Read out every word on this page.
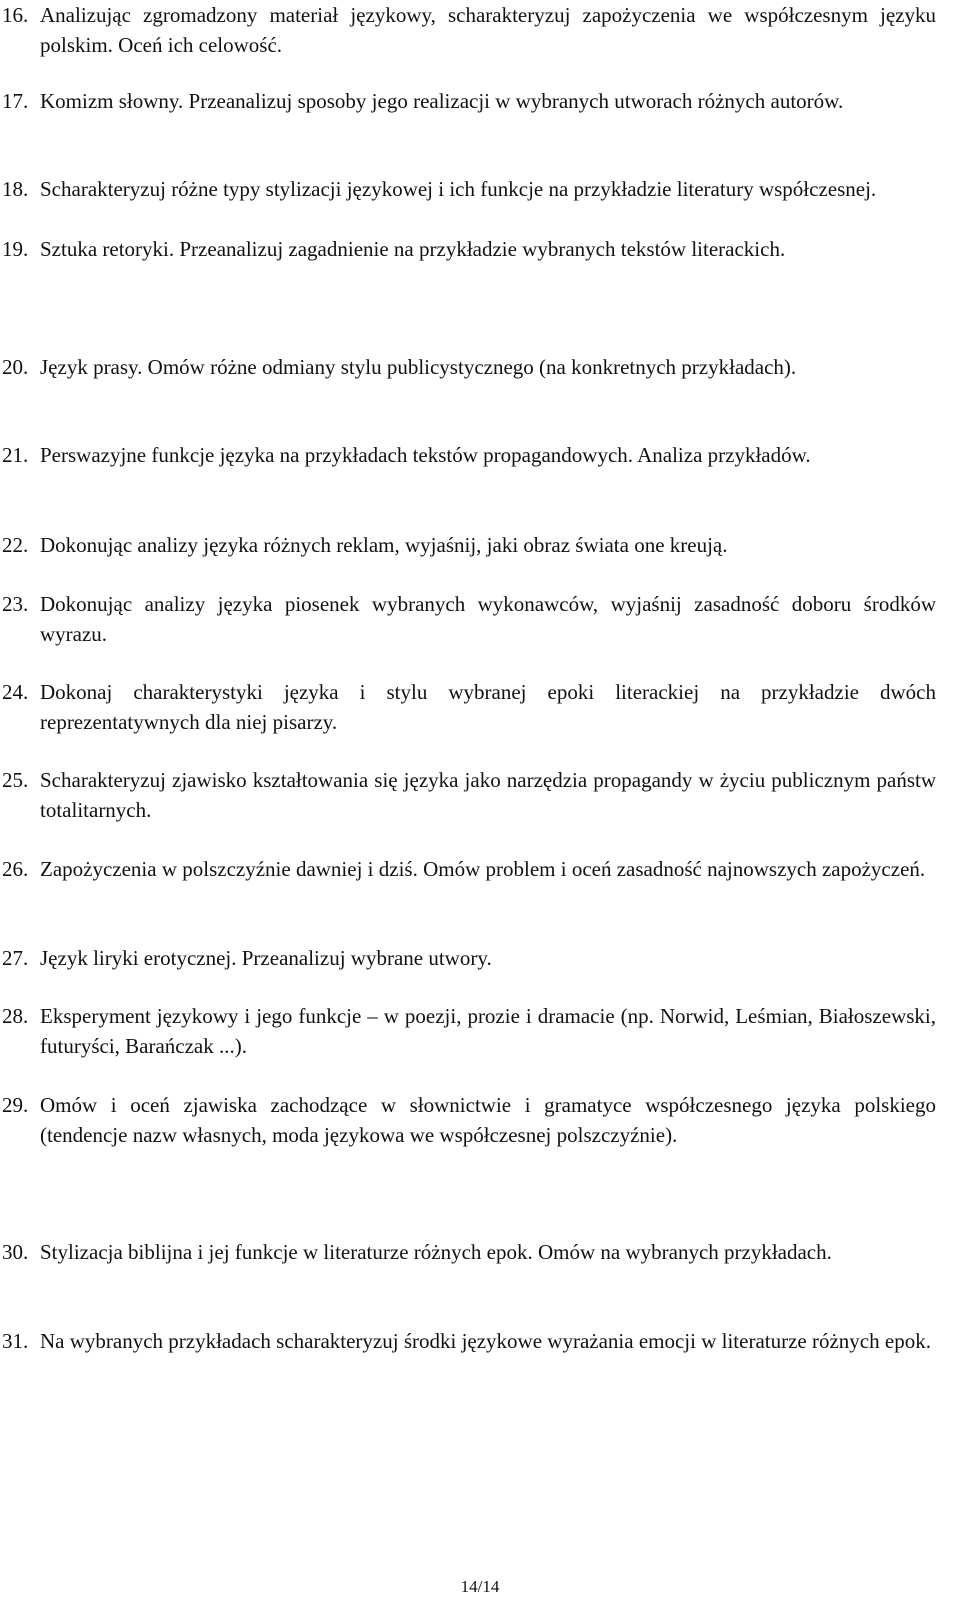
16. Analizując zgromadzony materiał językowy, scharakteryzuj zapożyczenia we współczesnym języku polskim. Oceń ich celowość.
17. Komizm słowny. Przeanalizuj sposoby jego realizacji w wybranych utworach różnych autorów.
18. Scharakteryzuj różne typy stylizacji językowej i ich funkcje na przykładzie literatury współczesnej.
19. Sztuka retoryki. Przeanalizuj zagadnienie na przykładzie wybranych tekstów literackich.
20. Język prasy. Omów różne odmiany stylu publicystycznego (na konkretnych przykładach).
21. Perswazyjne funkcje języka na przykładach tekstów propagandowych. Analiza przykładów.
22. Dokonując analizy języka różnych reklam, wyjaśnij, jaki obraz świata one kreują.
23. Dokonując analizy języka piosenek wybranych wykonawców, wyjaśnij zasadność doboru środków wyrazu.
24. Dokonaj charakterystyki języka i stylu wybranej epoki literackiej na przykładzie dwóch reprezentatywnych dla niej pisarzy.
25. Scharakteryzuj zjawisko kształtowania się języka jako narzędzia propagandy w życiu publicznym państw totalitarnych.
26. Zapożyczenia w polszczyźnie dawniej i dziś. Omów problem i oceń zasadność najnowszych zapożyczeń.
27. Język liryki erotycznej. Przeanalizuj wybrane utwory.
28. Eksperyment językowy i jego funkcje – w poezji, prozie i dramacie (np. Norwid, Leśmian, Białoszewski, futuryści, Barańczak ...).
29. Omów i oceń zjawiska zachodzące w słownictwie i gramatyce współczesnego języka polskiego (tendencje nazw własnych, moda językowa we współczesnej polszczyźnie).
30. Stylizacja biblijna i jej funkcje w literaturze różnych epok. Omów na wybranych przykładach.
31. Na wybranych przykładach scharakteryzuj środki językowe wyrażania emocji w literaturze różnych epok.
14/14
